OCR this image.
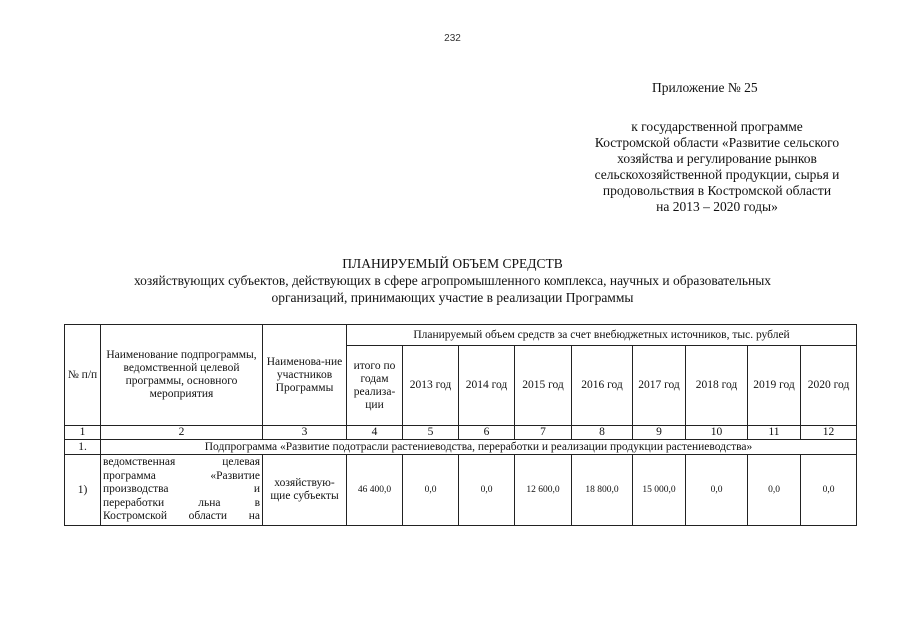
232
Приложение № 25
к государственной программе
Костромской области «Развитие сельского
хозяйства и регулирование рынков
сельскохозяйственной продукции, сырья и
продовольствия в Костромской области
на 2013 – 2020 годы»
ПЛАНИРУЕМЫЙ ОБЪЕМ СРЕДСТВ
хозяйствующих субъектов, действующих в сфере агропромышленного комплекса, научных и образовательных
организаций, принимающих участие в реализации Программы
№ п/п	Наименование подпрограммы, ведомственной целевой программы, основного мероприятия	Наименова-ние участников Программы	Планируемый объем средств за счет внебюджетных источников, тыс. рублей								
			итого по годам реализа-ции	2013 год	2014 год	2015 год	2016 год	2017 год	2018 год	2019 год	2020 год
1	2	3	4	5	6	7	8	9	10	11	12
1.	Подпрограмма «Развитие подотрасли растениеводства, переработки и реализации продукции растениеводства»										
1)	ведомственная целевая
программа «Развитие
производства и
переработки льна в
Костромской области на	хозяйствую-щие субъекты	46 400,0	0,0	0,0	12 600,0	18 800,0	15 000,0	0,0	0,0	0,0
